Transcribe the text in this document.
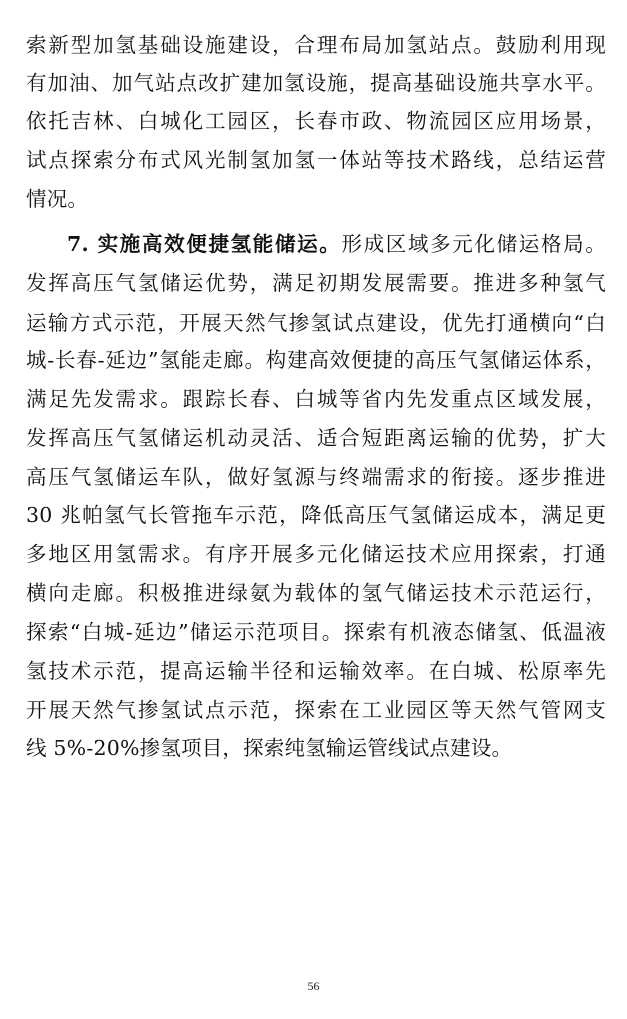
索新型加氢基础设施建设，合理布局加氢站点。鼓励利用现
有加油、加气站点改扩建加氢设施，提高基础设施共享水平。
依托吉林、白城化工园区，长春市政、物流园区应用场景，
试点探索分布式风光制氢加氢一体站等技术路线，总结运营
情况。
7. 实施高效便捷氢能储运。形成区域多元化储运格局。
发挥高压气氢储运优势，满足初期发展需要。推进多种氢气
运输方式示范，开展天然气掺氢试点建设，优先打通横向“白
城-长春-延边”氢能走廊。构建高效便捷的高压气氢储运体系，
满足先发需求。跟踪长春、白城等省内先发重点区域发展，
发挥高压气氢储运机动灵活、适合短距离运输的优势，扩大
高压气氢储运车队，做好氢源与终端需求的衔接。逐步推进
30 兆帕氢气长管拖车示范，降低高压气氢储运成本，满足更
多地区用氢需求。有序开展多元化储运技术应用探索，打通
横向走廊。积极推进绿氨为载体的氢气储运技术示范运行，
探索“白城-延边”储运示范项目。探索有机液态储氢、低温液
氢技术示范，提高运输半径和运输效率。在白城、松原率先
开展天然气掺氢试点示范，探索在工业园区等天然气管网支
线 5%-20%掺氢项目，探索纯氢输运管线试点建设。
56
